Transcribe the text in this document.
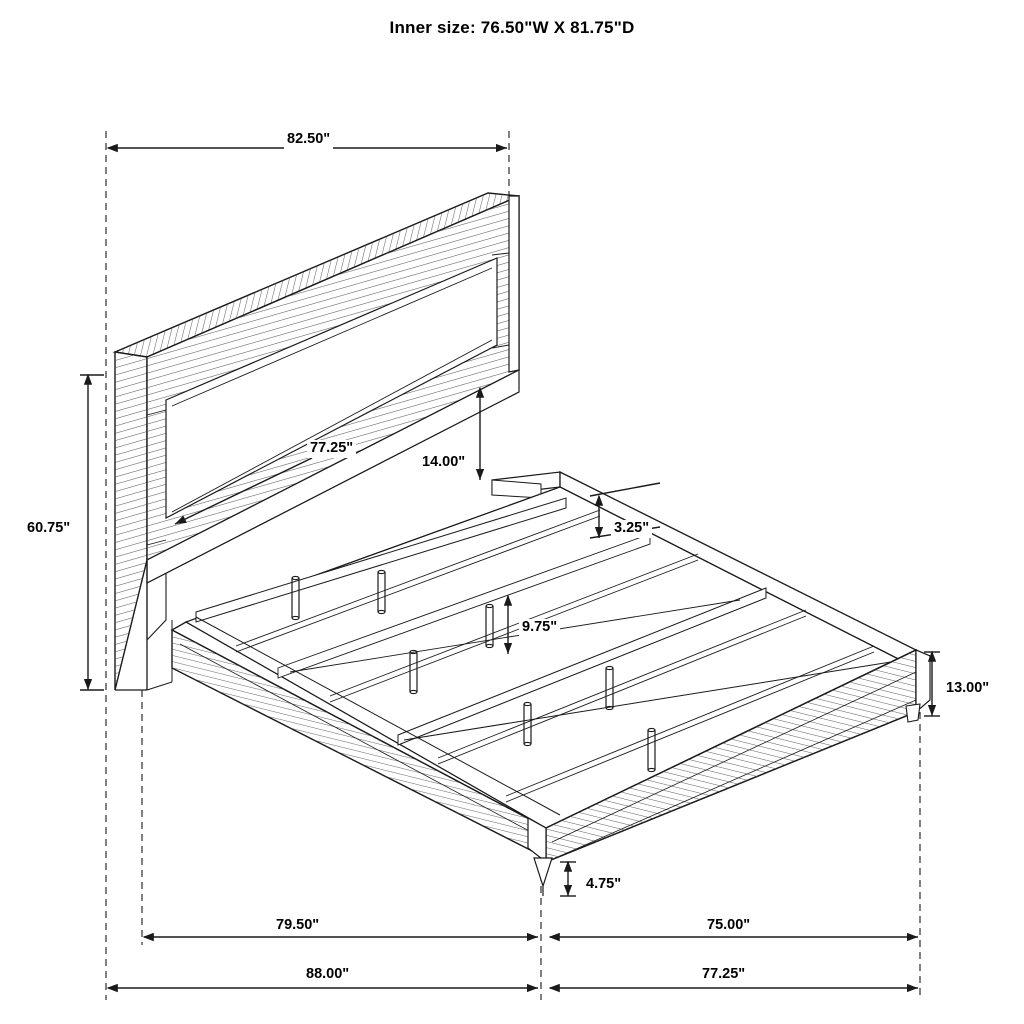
Inner size: 76.50"W X 81.75"D
82.50"
77.25"
14.00"
60.75"	3.25"
9.75"
13.00"
4.75"
79.50"	75.00"
88.00"	77.25"
